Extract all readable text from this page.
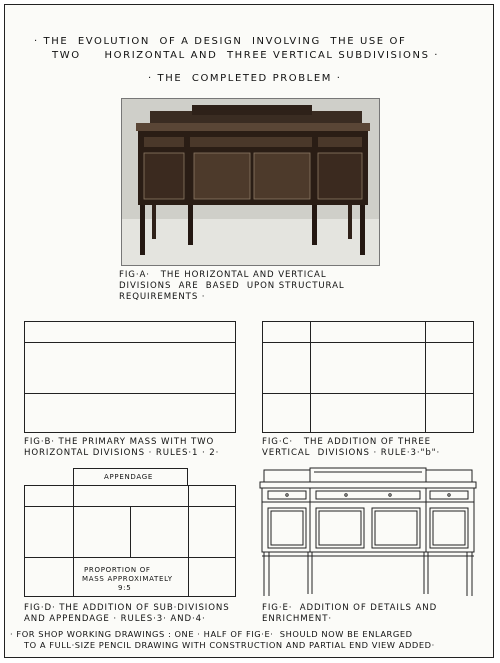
· THE  EVOLUTION  OF A DESIGN  INVOLVING  THE USE OF
TWO     HORIZONTAL AND  THREE VERTICAL SUBDIVISIONS ·
· THE  COMPLETED PROBLEM ·
FIG·A·   THE HORIZONTAL AND VERTICAL
DIVISIONS  ARE  BASED  UPON STRUCTURAL
REQUIREMENTS ·
FIG·B· THE PRIMARY MASS WITH TWO
HORIZONTAL DIVISIONS · RULES·1 · 2·
FIG·C·   THE ADDITION OF THREE
VERTICAL  DIVISIONS · RULE·3·"b"·
APPENDAGE
PROPORTION OF
MASS APPROXIMATELY
9:5
FIG·D· THE ADDITION OF SUB·DIVISIONS
AND APPENDAGE · RULES·3· AND·4·
FIG·E·  ADDITION OF DETAILS AND
ENRICHMENT·
· FOR SHOP WORKING DRAWINGS : ONE · HALF OF FIG·E·  SHOULD NOW BE ENLARGED
TO A FULL·SIZE PENCIL DRAWING WITH CONSTRUCTION AND PARTIAL END VIEW ADDED·
